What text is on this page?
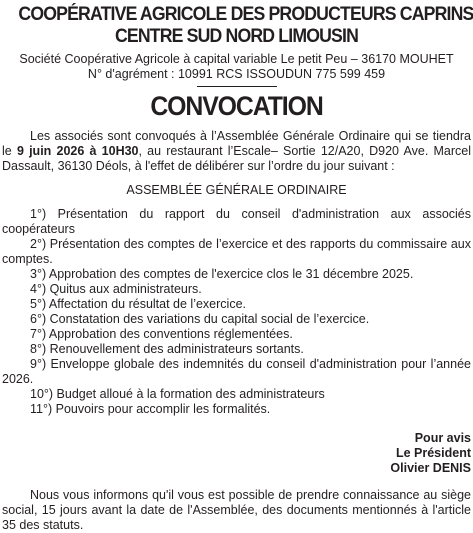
COOPÉRATIVE AGRICOLE DES PRODUCTEURS CAPRINS
CENTRE SUD NORD LIMOUSIN
Société Coopérative Agricole à capital variable Le petit Peu – 36170 MOUHET
N° d'agrément : 10991 RCS ISSOUDUN 775 599 459
CONVOCATION
Les associés sont convoqués à l’Assemblée Générale Ordinaire qui se tiendra le 9 juin 2026 à 10H30, au restaurant l’Escale– Sortie 12/A20, D920 Ave. Marcel Dassault, 36130 Déols, à l'effet de délibérer sur l’ordre du jour suivant :
ASSEMBLÉE GÉNÉRALE ORDINAIRE
1°) Présentation du rapport du conseil d'administration aux associés coopérateurs
2°) Présentation des comptes de l’exercice et des rapports du commissaire aux comptes.
3°) Approbation des comptes de l'exercice clos le 31 décembre 2025.
4°) Quitus aux administrateurs.
5°) Affectation du résultat de l’exercice.
6°) Constatation des variations du capital social de l’exercice.
7°) Approbation des conventions réglementées.
8°) Renouvellement des administrateurs sortants.
9°) Enveloppe globale des indemnités du conseil d'administration pour l’année 2026.
10°) Budget alloué à la formation des administrateurs
11°) Pouvoirs pour accomplir les formalités.
Pour avis
Le Président
Olivier DENIS
Nous vous informons qu'il vous est possible de prendre connaissance au siège social, 15 jours avant la date de l'Assemblée, des documents mentionnés à l'article 35 des statuts.
